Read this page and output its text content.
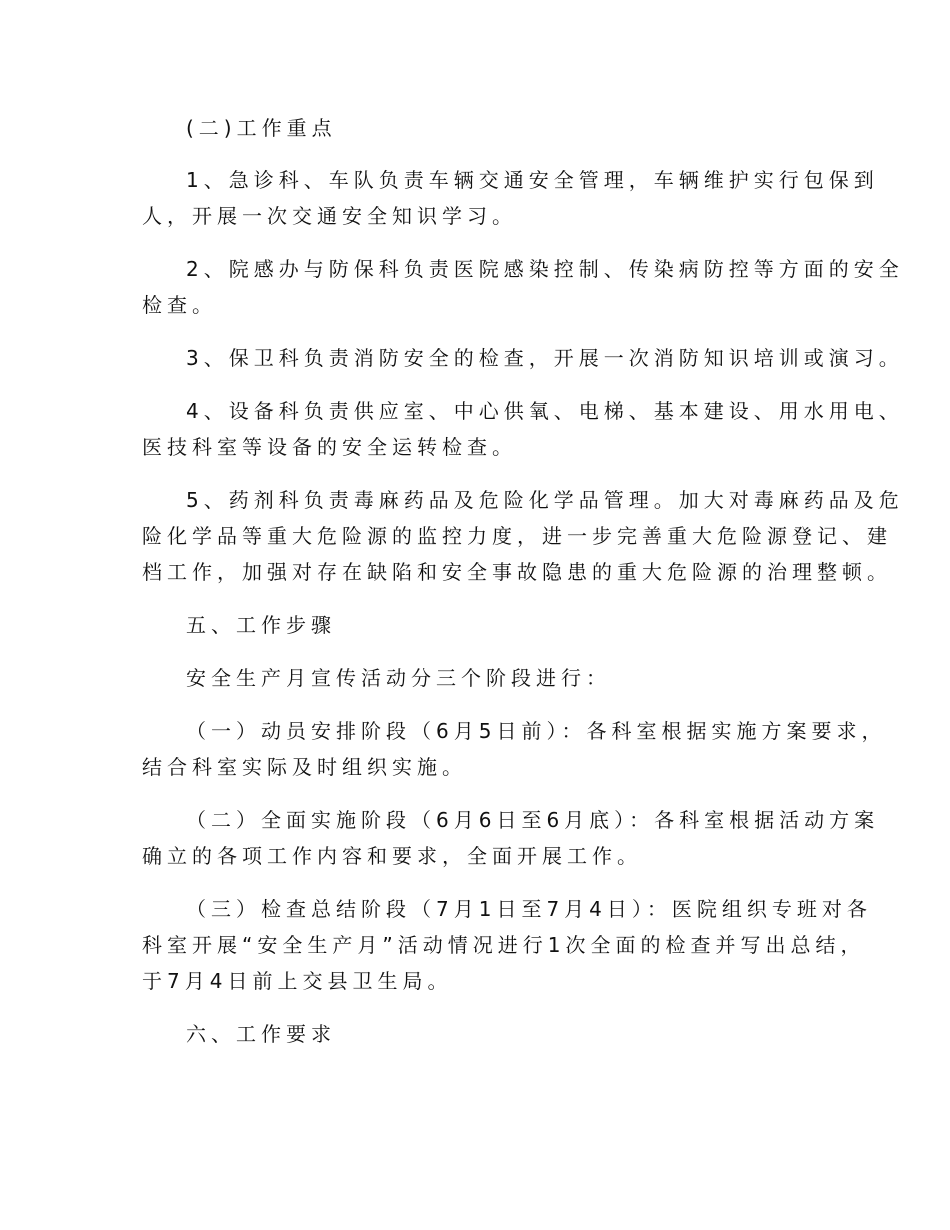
(二)工作重点

1、急诊科、车队负责车辆交通安全管理，车辆维护实行包保到

人，开展一次交通安全知识学习。

2、院感办与防保科负责医院感染控制、传染病防控等方面的安全

检查。

3、保卫科负责消防安全的检查，开展一次消防知识培训或演习。

4、设备科负责供应室、中心供氧、电梯、基本建设、用水用电、

医技科室等设备的安全运转检查。

5、药剂科负责毒麻药品及危险化学品管理。加大对毒麻药品及危

险化学品等重大危险源的监控力度，进一步完善重大危险源登记、建

档工作，加强对存在缺陷和安全事故隐患的重大危险源的治理整顿。

五、工作步骤

安全生产月宣传活动分三个阶段进行：

（一）动员安排阶段（6月5日前）：各科室根据实施方案要求，

结合科室实际及时组织实施。

（二）全面实施阶段（6月6日至6月底）：各科室根据活动方案

确立的各项工作内容和要求，全面开展工作。

（三）检查总结阶段（7月1日至7月4日）：医院组织专班对各

科室开展“安全生产月”活动情况进行1次全面的检查并写出总结，

于7月4日前上交县卫生局。

六、工作要求
